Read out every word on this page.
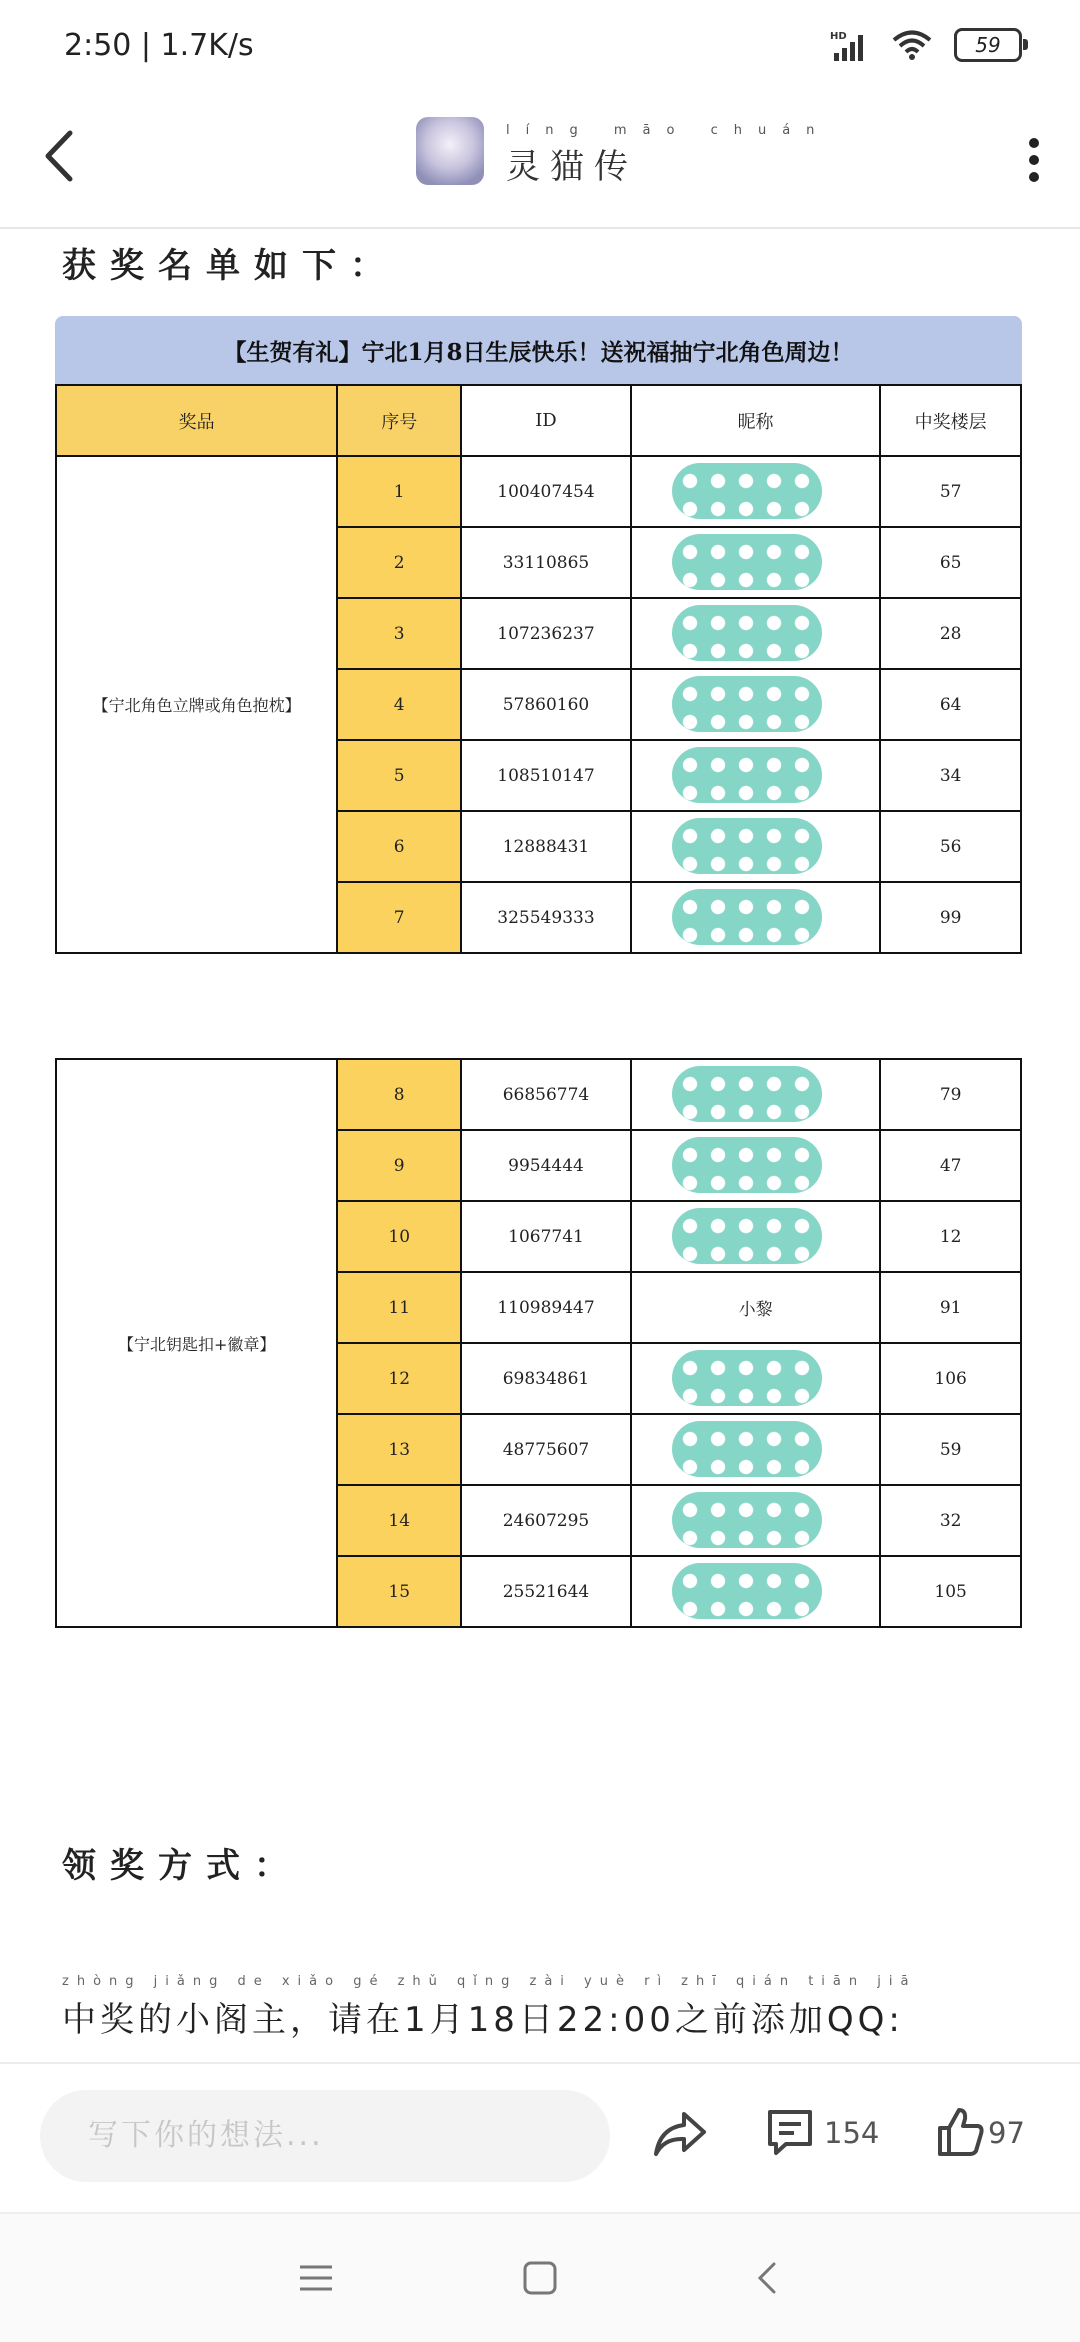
2:50 | 1.7K/s	HD	59
líng māo chuán
灵猫传
获奖名单如下：
【生贺有礼】宁北1月8日生辰快乐！送祝福抽宁北角色周边！
奖品	序号	ID	昵称	中奖楼层
【宁北角色立牌或角色抱枕】	1	100407454		57
	2	33110865		65
	3	107236237		28
	4	57860160		64
	5	108510147		34
	6	12888431		56
	7	325549333		99
【宁北钥匙扣+徽章】	8	66856774		79
	9	9954444		47
	10	1067741		12
	11	110989447	小黎	91
	12	69834861		106
	13	48775607		59
	14	24607295		32
	15	25521644		105
领奖方式：
zhòng jiǎng de xiǎo gé zhǔ qǐng zài yuè rì zhī qián tiān jiā
中奖的小阁主，请在1月18日22:00之前添加QQ:
写下你的想法...	154	97
